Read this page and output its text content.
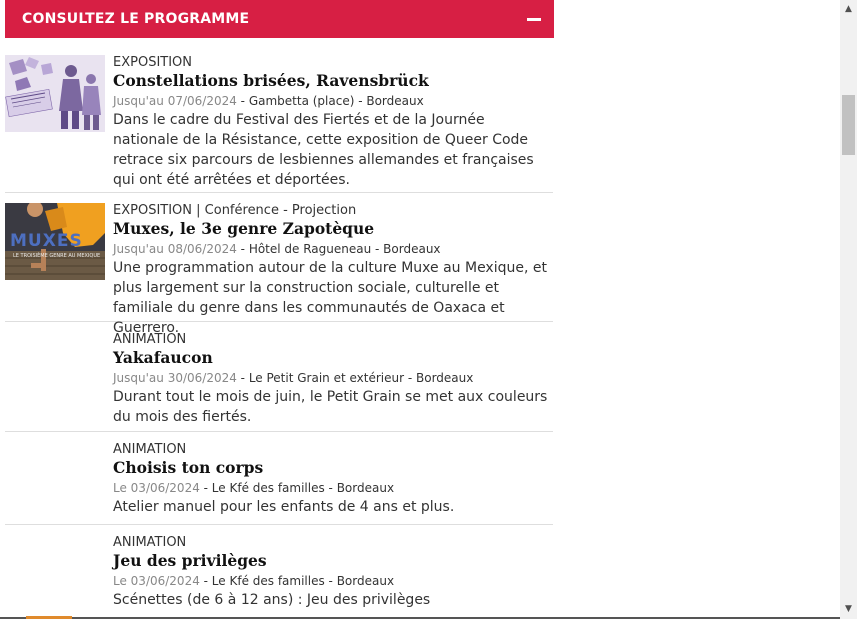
CONSULTEZ LE PROGRAMME
EXPOSITION
Constellations brisées, Ravensbrück
Jusqu'au 07/06/2024 - Gambetta (place) - Bordeaux
Dans le cadre du Festival des Fiertés et de la Journée nationale de la Résistance, cette exposition de Queer Code retrace six parcours de lesbiennes allemandes et françaises qui ont été arrêtées et déportées.
MUXES
LE TROISIÈME GENRE AU MEXIQUE
EXPOSITION | Conférence - Projection
Muxes, le 3e genre Zapotèque
Jusqu'au 08/06/2024 - Hôtel de Ragueneau - Bordeaux
Une programmation autour de la culture Muxe au Mexique, et plus largement sur la construction sociale, culturelle et familiale du genre dans les communautés de Oaxaca et Guerrero.
ANIMATION
Yakafaucon
Jusqu'au 30/06/2024 - Le Petit Grain et extérieur - Bordeaux
Durant tout le mois de juin, le Petit Grain se met aux couleurs du mois des fiertés.
ANIMATION
Choisis ton corps
Le 03/06/2024 - Le Kfé des familles - Bordeaux
Atelier manuel pour les enfants de 4 ans et plus.
ANIMATION
Jeu des privilèges
Le 03/06/2024 - Le Kfé des familles - Bordeaux
Scénettes (de 6 à 12 ans) : Jeu des privilèges
▲
▼
